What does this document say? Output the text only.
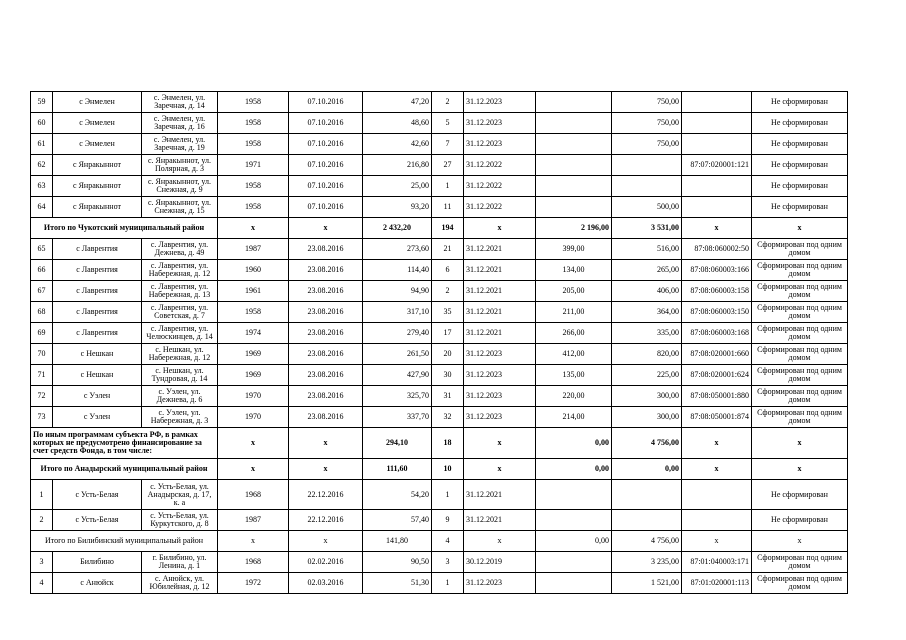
59	с Энмелен	с. Энмелен, ул. Заречная, д. 14	1958	07.10.2016	47,20	2	31.12.2023		750,00		Не сформирован
60	с Энмелен	с. Энмелен, ул. Заречная, д. 16	1958	07.10.2016	48,60	5	31.12.2023		750,00		Не сформирован
61	с Энмелен	с. Энмелен, ул. Заречная, д. 19	1958	07.10.2016	42,60	7	31.12.2023		750,00		Не сформирован
62	с Янракыннот	с. Янракыннот, ул. Полярная, д. 3	1971	07.10.2016	216,80	27	31.12.2022			87:07:020001:121	Не сформирован
63	с Янракыннот	с. Янракыннот, ул. Снежная, д. 9	1958	07.10.2016	25,00	1	31.12.2022				Не сформирован
64	с Янракыннот	с. Янракыннот, ул. Снежная, д. 15	1958	07.10.2016	93,20	11	31.12.2022		500,00		Не сформирован
Итого по Чукотский муниципальный район			x	x	2 432,20	194	x	2 196,00	3 531,00	x	x
65	с Лаврентия	с. Лаврентия, ул. Дежнева, д. 49	1987	23.08.2016	273,60	21	31.12.2021	399,00	516,00	87:08:060002:50	Сформирован под одним домом
66	с Лаврентия	с. Лаврентия, ул. Набережная, д. 12	1960	23.08.2016	114,40	6	31.12.2021	134,00	265,00	87:08:060003:166	Сформирован под одним домом
67	с Лаврентия	с. Лаврентия, ул. Набережная, д. 13	1961	23.08.2016	94,90	2	31.12.2021	205,00	406,00	87:08:060003:158	Сформирован под одним домом
68	с Лаврентия	с. Лаврентия, ул. Советская, д. 7	1958	23.08.2016	317,10	35	31.12.2021	211,00	364,00	87:08:060003:150	Сформирован под одним домом
69	с Лаврентия	с. Лаврентия, ул. Челюскинцев, д. 14	1974	23.08.2016	279,40	17	31.12.2021	266,00	335,00	87:08:060003:168	Сформирован под одним домом
70	с Нешкан	с. Нешкан, ул. Набережная, д. 12	1969	23.08.2016	261,50	20	31.12.2023	412,00	820,00	87:08:020001:660	Сформирован под одним домом
71	с Нешкан	с. Нешкан, ул. Тундровая, д. 14	1969	23.08.2016	427,90	30	31.12.2023	135,00	225,00	87:08:020001:624	Сформирован под одним домом
72	с Уэлен	с. Уэлен, ул. Дежнева, д. 6	1970	23.08.2016	325,70	31	31.12.2023	220,00	300,00	87:08:050001:880	Сформирован под одним домом
73	с Уэлен	с. Уэлен, ул. Набережная, д. 3	1970	23.08.2016	337,70	32	31.12.2023	214,00	300,00	87:08:050001:874	Сформирован под одним домом
По иным программам субъекта РФ, в рамках которых не предусмотрено финансирование за счет средств Фонда, в том числе:			x	x	294,10	18	x	0,00	4 756,00	x	x
Итого по Анадырский муниципальный район			x	x	111,60	10	x	0,00	0,00	x	x
1	с Усть-Белая	с. Усть-Белая, ул. Анадырская, д. 17, к. а	1968	22.12.2016	54,20	1	31.12.2021				Не сформирован
2	с Усть-Белая	с. Усть-Белая, ул. Куркутского, д. 8	1987	22.12.2016	57,40	9	31.12.2021				Не сформирован
Итого по Билибинский муниципальный район			x	x	141,80	4	x	0,00	4 756,00	x	x
3	Билибино	г. Билибино, ул. Ленина, д. 1	1968	02.02.2016	90,50	3	30.12.2019		3 235,00	87:01:040003:171	Сформирован под одним домом
4	с Анюйск	с. Анюйск, ул. Юбилейная, д. 12	1972	02.03.2016	51,30	1	31.12.2023		1 521,00	87:01:020001:113	Сформирован под одним домом
